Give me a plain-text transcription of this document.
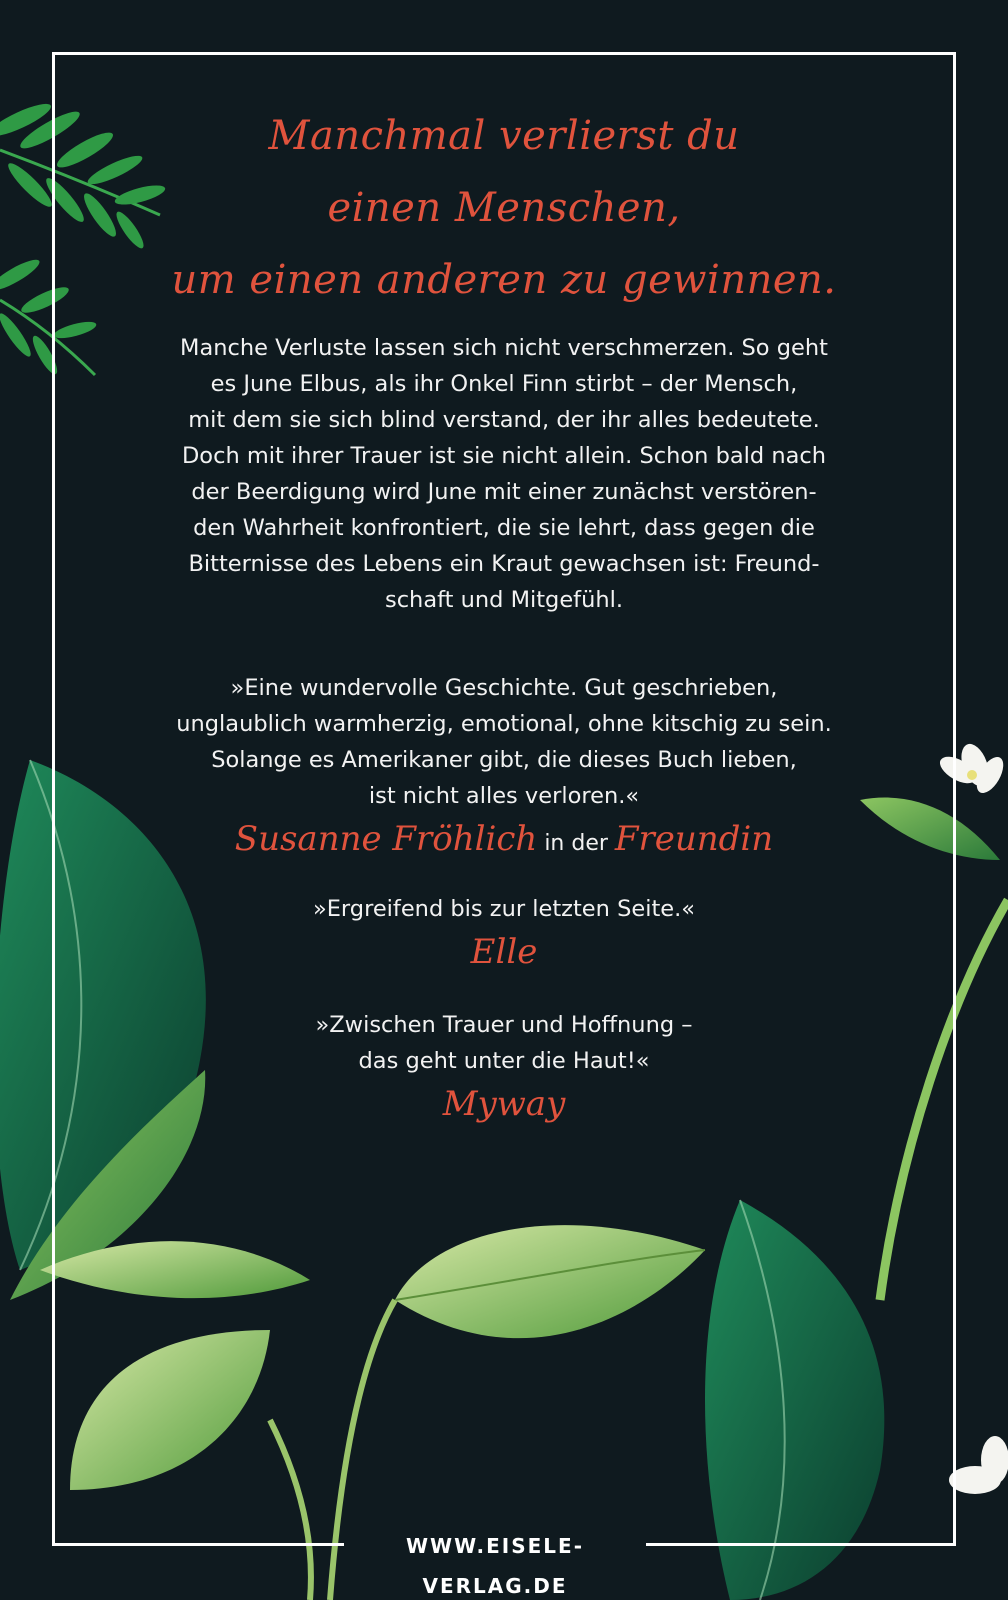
Manchmal verlierst du
einen Menschen,
um einen anderen zu gewinnen.
Manche Verluste lassen sich nicht verschmerzen. So geht
es June Elbus, als ihr Onkel Finn stirbt – der Mensch,
mit dem sie sich blind verstand, der ihr alles bedeutete.
Doch mit ihrer Trauer ist sie nicht allein. Schon bald nach
der Beerdigung wird June mit einer zunächst verstören-
den Wahrheit konfrontiert, die sie lehrt, dass gegen die
Bitternisse des Lebens ein Kraut gewachsen ist: Freund-
schaft und Mitgefühl.
»Eine wundervolle Geschichte. Gut geschrieben,
unglaublich warmherzig, emotional, ohne kitschig zu sein.
Solange es Amerikaner gibt, die dieses Buch lieben,
ist nicht alles verloren.«
Susanne Fröhlich in der Freundin
»Ergreifend bis zur letzten Seite.«
Elle
»Zwischen Trauer und Hoffnung –
das geht unter die Haut!«
Myway
WWW.EISELE-VERLAG.DE
